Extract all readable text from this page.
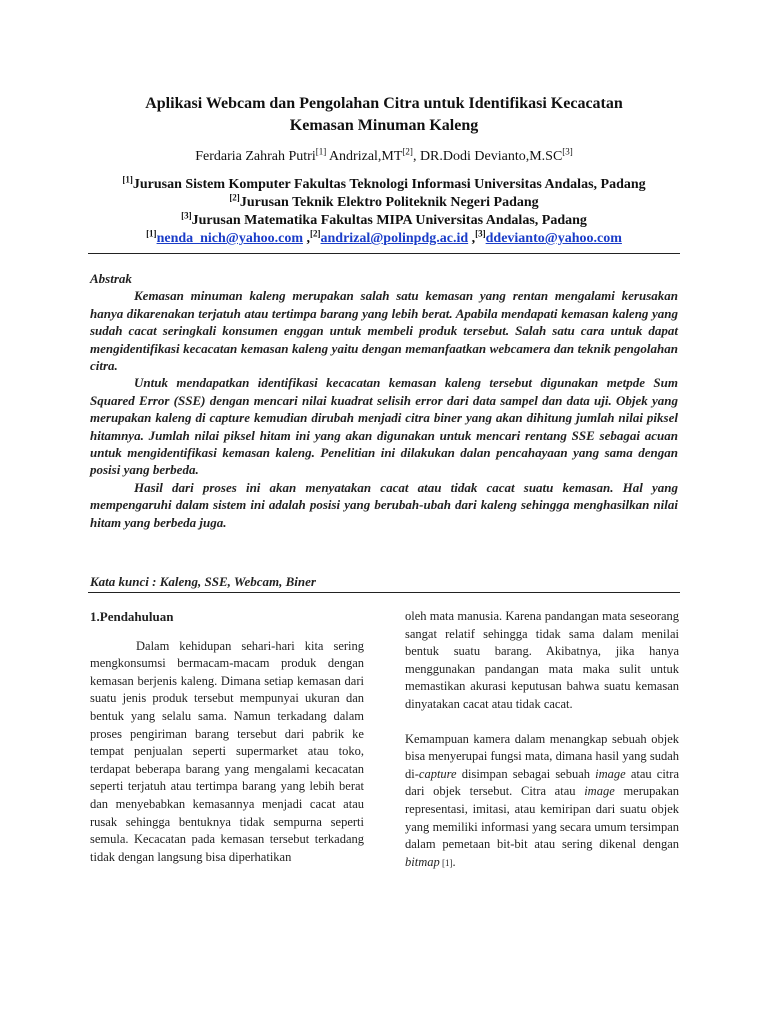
Aplikasi Webcam dan Pengolahan Citra untuk Identifikasi Kecacatan
Kemasan Minuman Kaleng
Ferdaria Zahrah Putri[1] Andrizal,MT[2], DR.Dodi Devianto,M.SC[3]
[1]Jurusan Sistem Komputer Fakultas Teknologi Informasi Universitas Andalas, Padang
[2]Jurusan Teknik Elektro Politeknik Negeri Padang
[3]Jurusan Matematika Fakultas MIPA Universitas Andalas, Padang
[1]nenda_nich@yahoo.com ,[2]andrizal@polinpdg.ac.id ,[3]ddevianto@yahoo.com

Abstrak

Kemasan minuman kaleng merupakan salah satu kemasan yang rentan mengalami kerusakan hanya dikarenakan terjatuh atau tertimpa barang yang lebih berat. Apabila mendapati kemasan kaleng yang sudah cacat seringkali konsumen enggan untuk membeli produk tersebut. Salah satu cara untuk dapat mengidentifikasi kecacatan kemasan kaleng yaitu dengan memanfaatkan webcamera dan teknik pengolahan citra.

Untuk mendapatkan identifikasi kecacatan kemasan kaleng tersebut digunakan metpde Sum Squared Error (SSE) dengan mencari nilai kuadrat selisih error dari data sampel dan data uji. Objek yang merupakan kaleng di capture kemudian dirubah menjadi citra biner yang akan dihitung jumlah nilai piksel hitamnya. Jumlah nilai piksel hitam ini yang akan digunakan untuk mencari rentang SSE sebagai acuan untuk mengidentifikasi kemasan kaleng. Penelitian ini dilakukan dalan pencahayaan yang sama dengan posisi yang berbeda.

Hasil dari proses ini akan menyatakan cacat atau tidak cacat suatu kemasan. Hal yang mempengaruhi dalam sistem ini adalah posisi yang berubah-ubah dari kaleng sehingga menghasilkan nilai hitam yang berbeda juga.

Kata kunci : Kaleng, SSE, Webcam, Biner

1.Pendahuluan

Dalam kehidupan sehari-hari kita sering mengkonsumsi bermacam-macam produk dengan kemasan berjenis kaleng. Dimana setiap kemasan dari suatu jenis produk tersebut mempunyai ukuran dan bentuk yang selalu sama. Namun terkadang dalam proses pengiriman barang tersebut dari pabrik ke tempat penjualan seperti supermarket atau toko, terdapat beberapa barang yang mengalami kecacatan seperti terjatuh atau tertimpa barang yang lebih berat dan menyebabkan kemasannya menjadi cacat atau rusak sehingga bentuknya tidak sempurna seperti semula. Kecacatan pada kemasan tersebut terkadang tidak dengan langsung bisa diperhatikan

oleh mata manusia. Karena pandangan mata seseorang sangat relatif sehingga tidak sama dalam menilai bentuk suatu barang. Akibatnya, jika hanya menggunakan pandangan mata maka sulit untuk memastikan akurasi keputusan bahwa suatu kemasan dinyatakan cacat atau tidak cacat.

Kemampuan kamera dalam menangkap sebuah objek bisa menyerupai fungsi mata, dimana hasil yang sudah di-capture disimpan sebagai sebuah image atau citra dari objek tersebut. Citra atau image merupakan representasi, imitasi, atau kemiripan dari suatu objek yang memiliki informasi yang secara umum tersimpan dalam pemetaan bit-bit atau sering dikenal dengan bitmap [1].
